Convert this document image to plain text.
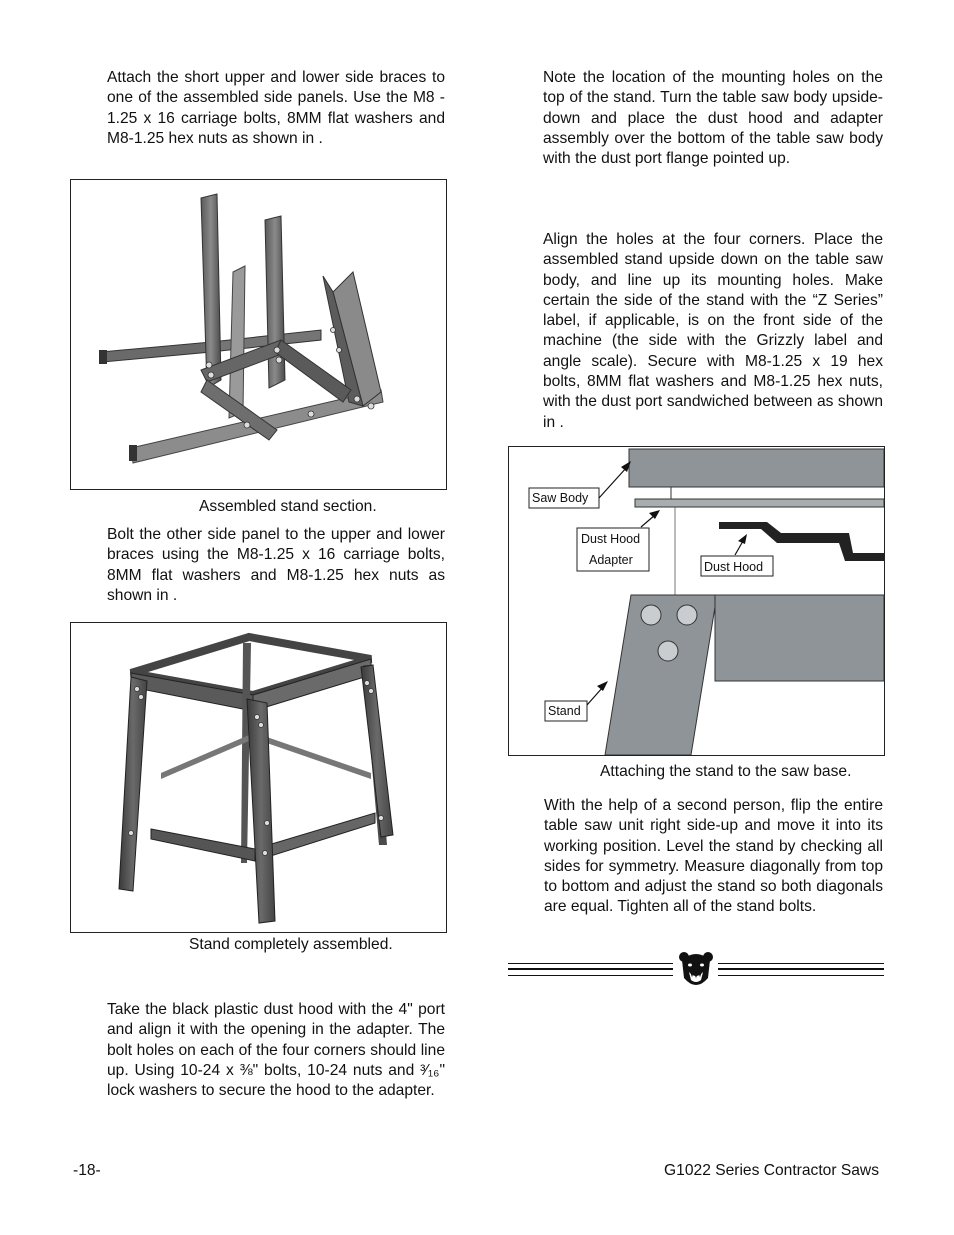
Attach the short upper and lower side braces to one of the assembled side panels. Use the M8 - 1.25 x 16 carriage bolts, 8MM flat washers and M8-1.25 hex nuts as shown in .

Assembled stand section.

Bolt the other side panel to the upper and lower braces using the M8-1.25 x 16 carriage bolts, 8MM flat washers and M8-1.25 hex nuts as shown in .

Stand completely assembled.

Take the black plastic dust hood with the 4" port and align it with the opening in the adapter. The bolt holes on each of the four corners should line up. Using 10-24 x ⅜" bolts, 10-24 nuts and ³⁄₁₆" lock washers to secure the hood to the adapter.

Note the location of the mounting holes on the top of the stand. Turn the table saw body upside-down and place the dust hood and adapter assembly over the bottom of the table saw body with the dust port flange pointed up.

Align the holes at the four corners. Place the assembled stand upside down on the table saw body, and line up its mounting holes. Make certain the side of the stand with the “Z Series” label, if applicable, is on the front side of the machine (the side with the Grizzly label and angle scale). Secure with M8-1.25 x 19 hex bolts, 8MM flat washers and M8-1.25 hex nuts, with the dust port sandwiched between as shown in .

Saw Body
Dust Hood
Adapter	Dust Hood
Stand
Attaching the stand to the saw base.

With the help of a second person, flip the entire table saw unit right side-up and move it into its working position. Level the stand by checking all sides for symmetry. Measure diagonally from top to bottom and adjust the stand so both diagonals are equal. Tighten all of the stand bolts.

-18-	G1022 Series Contractor Saws
